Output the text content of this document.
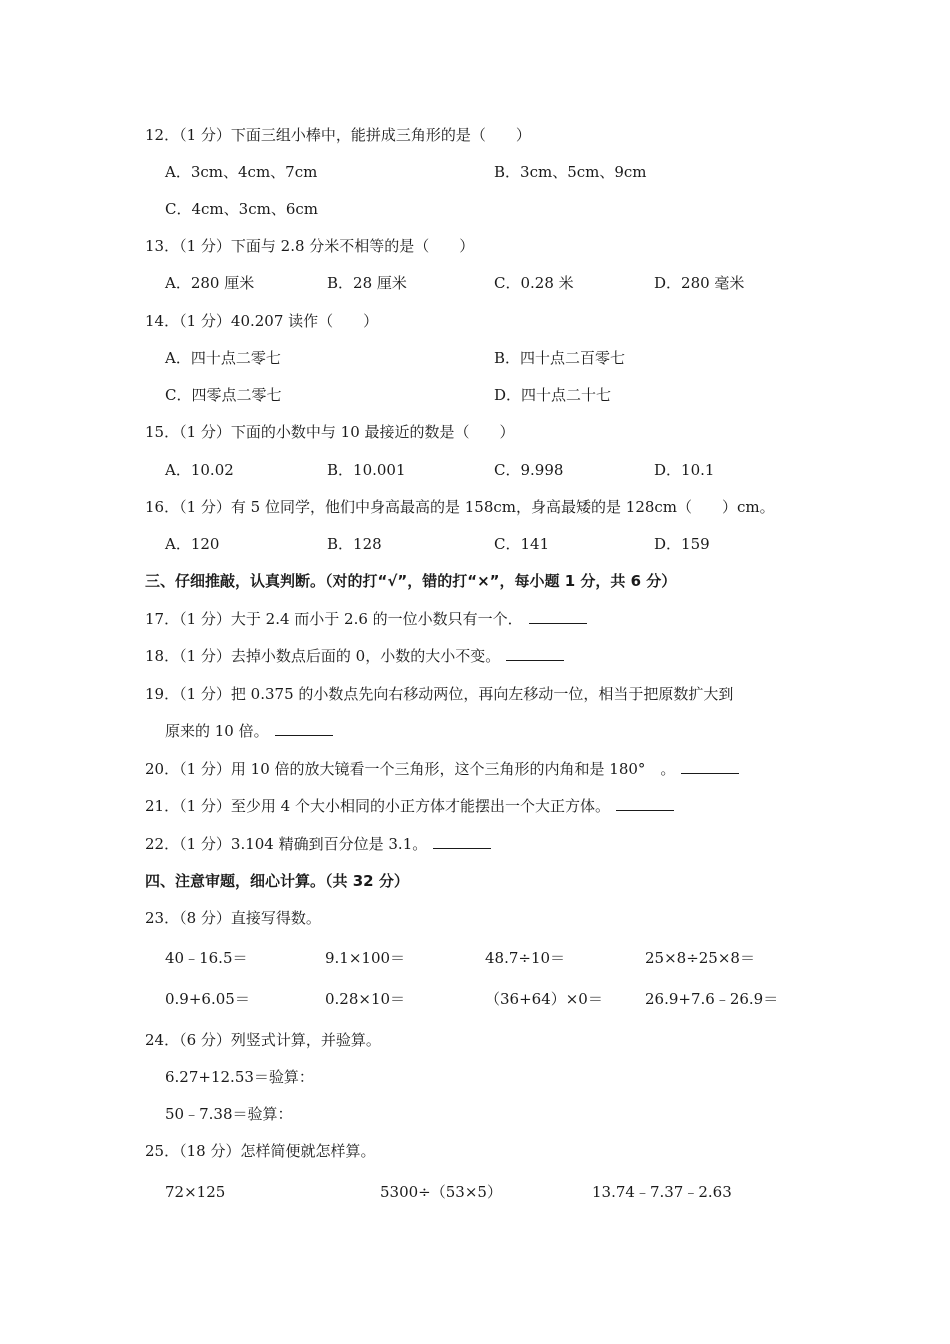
12．（1 分）下面三组小棒中，能拼成三角形的是（　　）
A．3cm、4cm、7cm	B．3cm、5cm、9cm
C．4cm、3cm、6cm
13．（1 分）下面与 2.8 分米不相等的是（　　）
A．280 厘米	B．28 厘米	C．0.28 米	D．280 毫米
14．（1 分）40.207 读作（　　）
A．四十点二零七	B．四十点二百零七
C．四零点二零七	D．四十点二十七
15．（1 分）下面的小数中与 10 最接近的数是（　　）
A．10.02	B．10.001	C．9.998	D．10.1
16．（1 分）有 5 位同学，他们中身高最高的是 158cm，身高最矮的是 128cm（　　）cm。
A．120	B．128	C．141	D．159
三、仔细推敲，认真判断。（对的打“√”，错的打“×”，每小题 1 分，共 6 分）
17．（1 分）大于 2.4 而小于 2.6 的一位小数只有一个．
18．（1 分）去掉小数点后面的 0，小数的大小不变。
19．（1 分）把 0.375 的小数点先向右移动两位，再向左移动一位，相当于把原数扩大到
原来的 10 倍。
20．（1 分）用 10 倍的放大镜看一个三角形，这个三角形的内角和是 180°　。
21．（1 分）至少用 4 个大小相同的小正方体才能摆出一个大正方体。
22．（1 分）3.104 精确到百分位是 3.1。
四、注意审题，细心计算。（共 32 分）
23．（8 分）直接写得数。
40﹣16.5＝	9.1×100＝	48.7÷10＝	25×8÷25×8＝
0.9+6.05＝	0.28×10＝	（36+64）×0＝	26.9+7.6﹣26.9＝
24．（6 分）列竖式计算，并验算。
6.27+12.53＝验算：
50﹣7.38＝验算：
25．（18 分）怎样简便就怎样算。
72×125	5300÷（53×5）	13.74﹣7.37﹣2.63
